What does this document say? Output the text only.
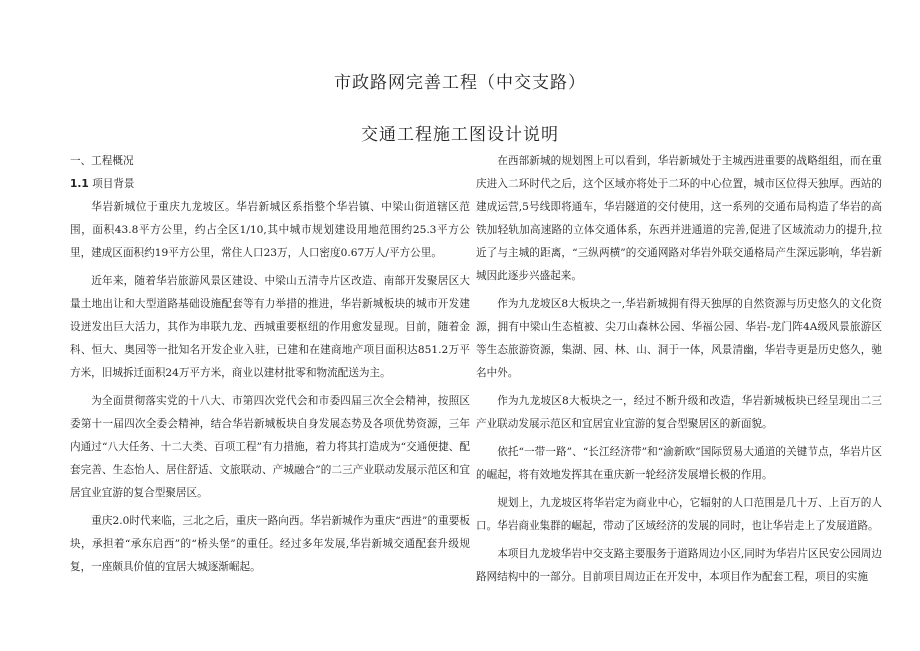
市政路网完善工程（中交支路）
交通工程施工图设计说明

一、工程概况

1.1 项目背景

华岩新城位于重庆九龙坡区。华岩新城区系指整个华岩镇、中梁山街道辖区范围，面积43.8平方公里，约占全区1/10,其中城市规划建设用地范围约25.3平方公里，建成区面积约19平方公里，常住人口23万，人口密度0.67万人/平方公里。

近年来，随着华岩旅游风景区建设、中梁山五清寺片区改造、南部开发聚居区大量土地出让和大型道路基础设施配套等有力举措的推进，华岩新城板块的城市开发建设迸发出巨大活力，其作为串联九龙、西城重要枢纽的作用愈发显现。目前，随着金科、恒大、奥园等一批知名开发企业入驻，已建和在建商地产项目面积达851.2万平方米，旧城拆迁面积24万平方米，商业以建材批零和物流配送为主。

为全面贯彻落实党的十八大、市第四次党代会和市委四届三次全会精神，按照区委第十一届四次全委会精神，结合华岩新城板块自身发展态势及各项优势资源，三年内通过“八大任务、十二大类、百项工程”有力措施，着力将其打造成为“交通便捷、配套完善、生态怡人、居住舒适、文旅联动、产城融合”的二三产业联动发展示范区和宜居宜业宜游的复合型聚居区。

重庆2.0时代来临，三北之后，重庆一路向西。华岩新城作为重庆“西进”的重要板块，承担着“承东启西”的“桥头堡”的重任。经过多年发展,华岩新城交通配套升级规复，一座颇具价值的宜居大城逐渐崛起。

在西部新城的规划图上可以看到，华岩新城处于主城西进重要的战略组组，而在重庆进入二环时代之后，这个区域亦将处于二环的中心位置，城市区位得天独厚。西站的建成运营,5号线即将通车，华岩隧道的交付使用，这一系列的交通布局构造了华岩的高铁加轻轨加高速路的立体交通体系，东西并进通道的完善,促进了区域流动力的提升,拉近了与主城的距离，“三纵两横”的交通网路对华岩外联交通格局产生深远影响，华岩新城因此逐步兴盛起来。

作为九龙坡区8大板块之一,华岩新城拥有得天独厚的自然资源与历史悠久的文化资源，拥有中梁山生态植被、尖刀山森林公园、华福公园、华岩-龙门阵4A级风景旅游区等生态旅游资源，集湖、园、林、山、洞于一体，风景清幽，华岩寺更是历史悠久，驰名中外。

作为九龙坡区8大板块之一，经过不断升级和改造，华岩新城板块已经呈现出二三产业联动发展示范区和宜居宜业宜游的复合型聚居区的新面貌。

依托“一带一路”、“长江经济带”和“渝新欧”国际贸易大通道的关键节点，华岩片区的崛起，将有效地发挥其在重庆新一轮经济发展增长极的作用。

规划上，九龙坡区将华岩定为商业中心，它辐射的人口范围是几十万、上百万的人口。华岩商业集群的崛起，带动了区域经济的发展的同时，也让华岩走上了发展道路。

本项目九龙坡华岩中交支路主要服务于道路周边小区,同时为华岩片区民安公园周边路网结构中的一部分。目前项目周边正在开发中，本项目作为配套工程，项目的实施
